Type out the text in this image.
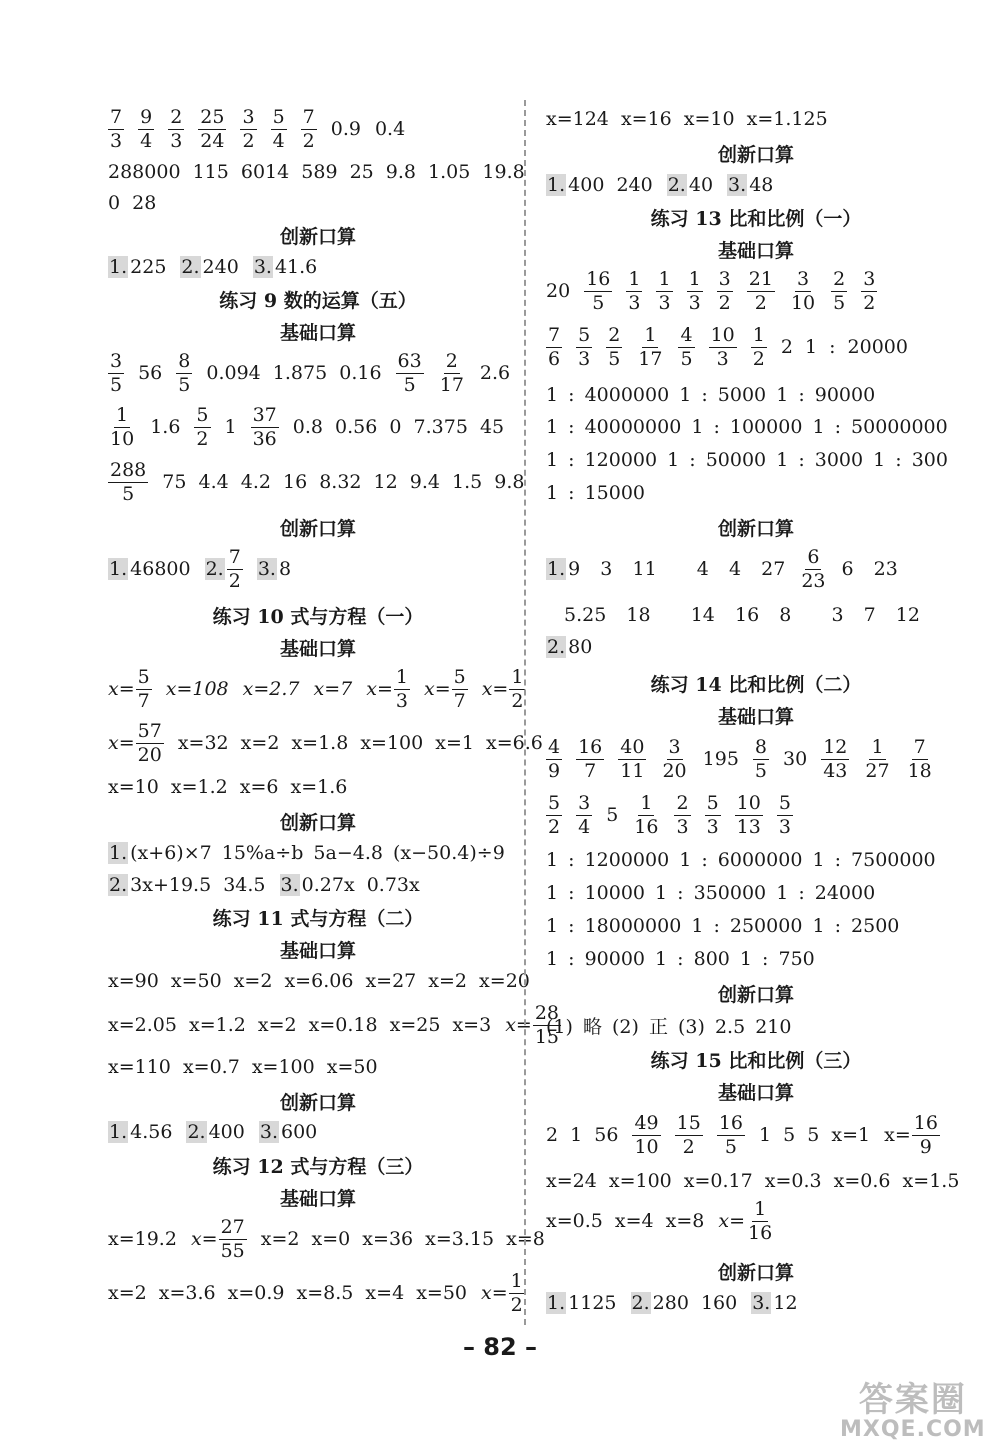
$\frac{7}{3} \frac{9}{4} \frac{2}{3} \frac{25}{24} \frac{3}{2} \frac{5}{4} \frac{7}{2} 0.9$ 0.4
288000 115 6014 589 25 9.8 1.05 19.8
0 28
创新口算
1. 225 2. 240 3. 41.6
练习 9 数的运算（五）
基础口算
$\frac{3}{5} 56 \frac{8}{5} 0.094$ 1.875 $0.16 \frac{63}{5} \frac{2}{17} 2.6$
$\frac{1}{10} 1.6 \frac{5}{2} 1 \frac{37}{36} 0.8$ 0.56 0 7.375 45
$\frac{288}{5} 75$ 4.4 4.2 16 8.32 12 9.4 1.5 9.8
创新口算
1. 46800 2. $\frac{7}{2} 3$. 8
练习 10 式与方程（一）
基础口算
$x = \frac{5}{7} x=108$ x=2.7 x=7 $x = \frac{1}{3}$ $x = \frac{5}{7}$ $x = \frac{1}{2}$
$x = \frac{57}{20} x=32$ x=2 x=1.8 x=100 x=1 x=6.6
x=10 x=1.2 x=6 x=1.6
创新口算
1. (x+6)×7 15%a÷b 5a−4.8 (x−50.4)÷9
2. 3x+19.5 34.5 3. 0.27x 0.73x
练习 11 式与方程（二）
基础口算
x=90 x=50 x=2 x=6.06 x=27 x=2 x=20
x=2.05 x=1.2 x=2 x=0.18 x=25 x=3 $x = \frac{28}{15}$
x=110 x=0.7 x=100 x=50
创新口算
1. 4.56 2. 400 3. 600
练习 12 式与方程（三）
基础口算
x=19.2 $x = \frac{27}{55} x=2$ x=0 x=36 x=3.15 x=8
x=2 x=3.6 x=0.9 x=8.5 x=4 x=50 $x = \frac{1}{2}$
x=124 x=16 x=10 x=1.125
创新口算
1. 400 240 2. 40 3. 48
练习 13 比和比例（一）
基础口算
$20 \frac{16}{5} \frac{1}{3} \frac{1}{3} \frac{1}{3} \frac{3}{2} \frac{21}{2} \frac{3}{10} \frac{2}{5} \frac{3}{2}$
$\frac{7}{6} \frac{5}{3} \frac{2}{5} \frac{1}{17} \frac{4}{5} \frac{10}{3} \frac{1}{2} 2$ 1 : 20000
1 : 4000000 1 : 5000 1 : 90000
1 : 40000000 1 : 100000 1 : 50000000
1 : 120000 1 : 50000 1 : 3000 1 : 300
1 : 15000
创新口算
1. 9  3  11    4  4  $27 \frac{6}{23} 6$  23
5.25  18    14  16  8    3  7  12
2. 80
练习 14 比和比例（二）
基础口算
$\frac{4}{9} \frac{16}{7} \frac{40}{11} \frac{3}{20} 195 \frac{8}{5} 30 \frac{12}{43} \frac{1}{27} \frac{7}{18}$
$\frac{5}{2} \frac{3}{4} 5 \frac{1}{16} \frac{2}{3} \frac{5}{3} \frac{10}{13} \frac{5}{3}$
1 : 1200000 1 : 6000000 1 : 7500000
1 : 10000 1 : 350000 1 : 24000
1 : 18000000 1 : 250000 1 : 2500
1 : 90000 1 : 800 1 : 750
创新口算
(1) 略 (2) 正 (3) 2.5 210
练习 15 比和比例（三）
基础口算
2 1 $56 \frac{49}{10} \frac{15}{2} \frac{16}{5} 1$ 5 5 x=1 $x= \frac{16}{9}$
x=24 x=100 x=0.17 x=0.3 x=0.6 x=1.5
x=0.5 x=4 x=8 $x = \frac{1}{16}$
创新口算
1. 1125 2. 280 160 3. 12
– 82 –
答案圈
MXQE.COM
